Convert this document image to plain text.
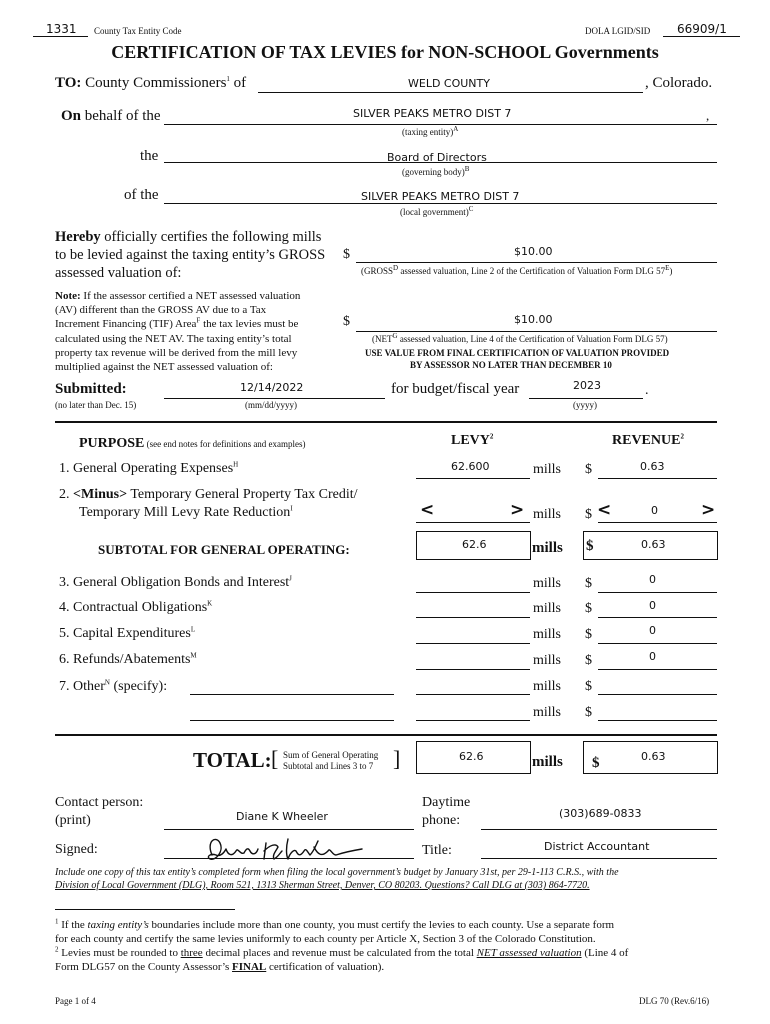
1331 County Tax Entity Code	DOLA LGID/SID 66909/1
CERTIFICATION OF TAX LEVIES for NON-SCHOOL Governments
TO: County Commissioners$^1$ of	WELD COUNTY	, Colorado.
On behalf of the	SILVER PEAKS METRO DIST 7	,
(taxing entity)$^A$
the	Board of Directors
(governing body)$^B$
of the	SILVER PEAKS METRO DIST 7
(local government)$^C$
Hereby officially certifies the following mills
to be levied against the taxing entity’s GROSS
assessed valuation of:
$	$10.00
($GROSS^D$ assessed valuation, Line 2 of the Certification of Valuation Form DLG $57^E$)
Note: If the assessor certified a NET assessed valuation
(AV) different than the GROSS AV due to a Tax
Increment Financing (TIF) Area$^F$ the tax levies must be
calculated using the NET AV. The taxing entity’s total
property tax revenue will be derived from the mill levy
multiplied against the NET assessed valuation of:
$	$10.00
($NET^G$ assessed valuation, Line 4 of the Certification of Valuation Form DLG 57)
USE VALUE FROM FINAL CERTIFICATION OF VALUATION PROVIDED
BY ASSESSOR NO LATER THAN DECEMBER 10
Submitted:
(no later than Dec. 15)
12/14/2022
(mm/dd/yyyy)
for budget/fiscal year	2023	.
(yyyy)
PURPOSE (see end notes for definitions and examples)	LEVY$^2$	REVENUE$^2$
1. General Operating Expenses$^H$	62.600	mills $	0.63
2. <Minus> Temporary General Property Tax Credit/
Temporary Mill Levy Rate Reduction$^I$	<	> mills $ <	0	>
SUBTOTAL FOR GENERAL OPERATING:	62.6	mills $	0.63
3. General Obligation Bonds and Interest$^J$	mills $	0
4. Contractual Obligations$^K$	mills $	0
5. Capital Expenditures$^L$	mills $	0
6. Refunds/Abatements$^M$	mills $	0
7. Other$^N$ (specify):	mills $
mills $
TOTAL: [ Sum of General Operating
Subtotal and Lines 3 to 7 ]	62.6	mills $	0.63
Contact person:
(print)	Diane K Wheeler
Daytime
phone:	(303)689-0833
Signed:	Title:	District Accountant
Include one copy of this tax entity’s completed form when filing the local government’s budget by January 31st, per 29-1-113 C.R.S., with the
Division of Local Government (DLG), Room 521, 1313 Sherman Street, Denver, CO 80203. Questions? Call DLG at (303) 864-7720.
$^1$ If the taxing entity’s boundaries include more than one county, you must certify the levies to each county. Use a separate form
for each county and certify the same levies uniformly to each county per Article X, Section 3 of the Colorado Constitution.
$^2$ Levies must be rounded to three decimal places and revenue must be calculated from the total NET assessed valuation (Line 4 of
Form DLG57 on the County Assessor’s FINAL certification of valuation).
Page 1 of 4	DLG 70 (Rev.6/16)
